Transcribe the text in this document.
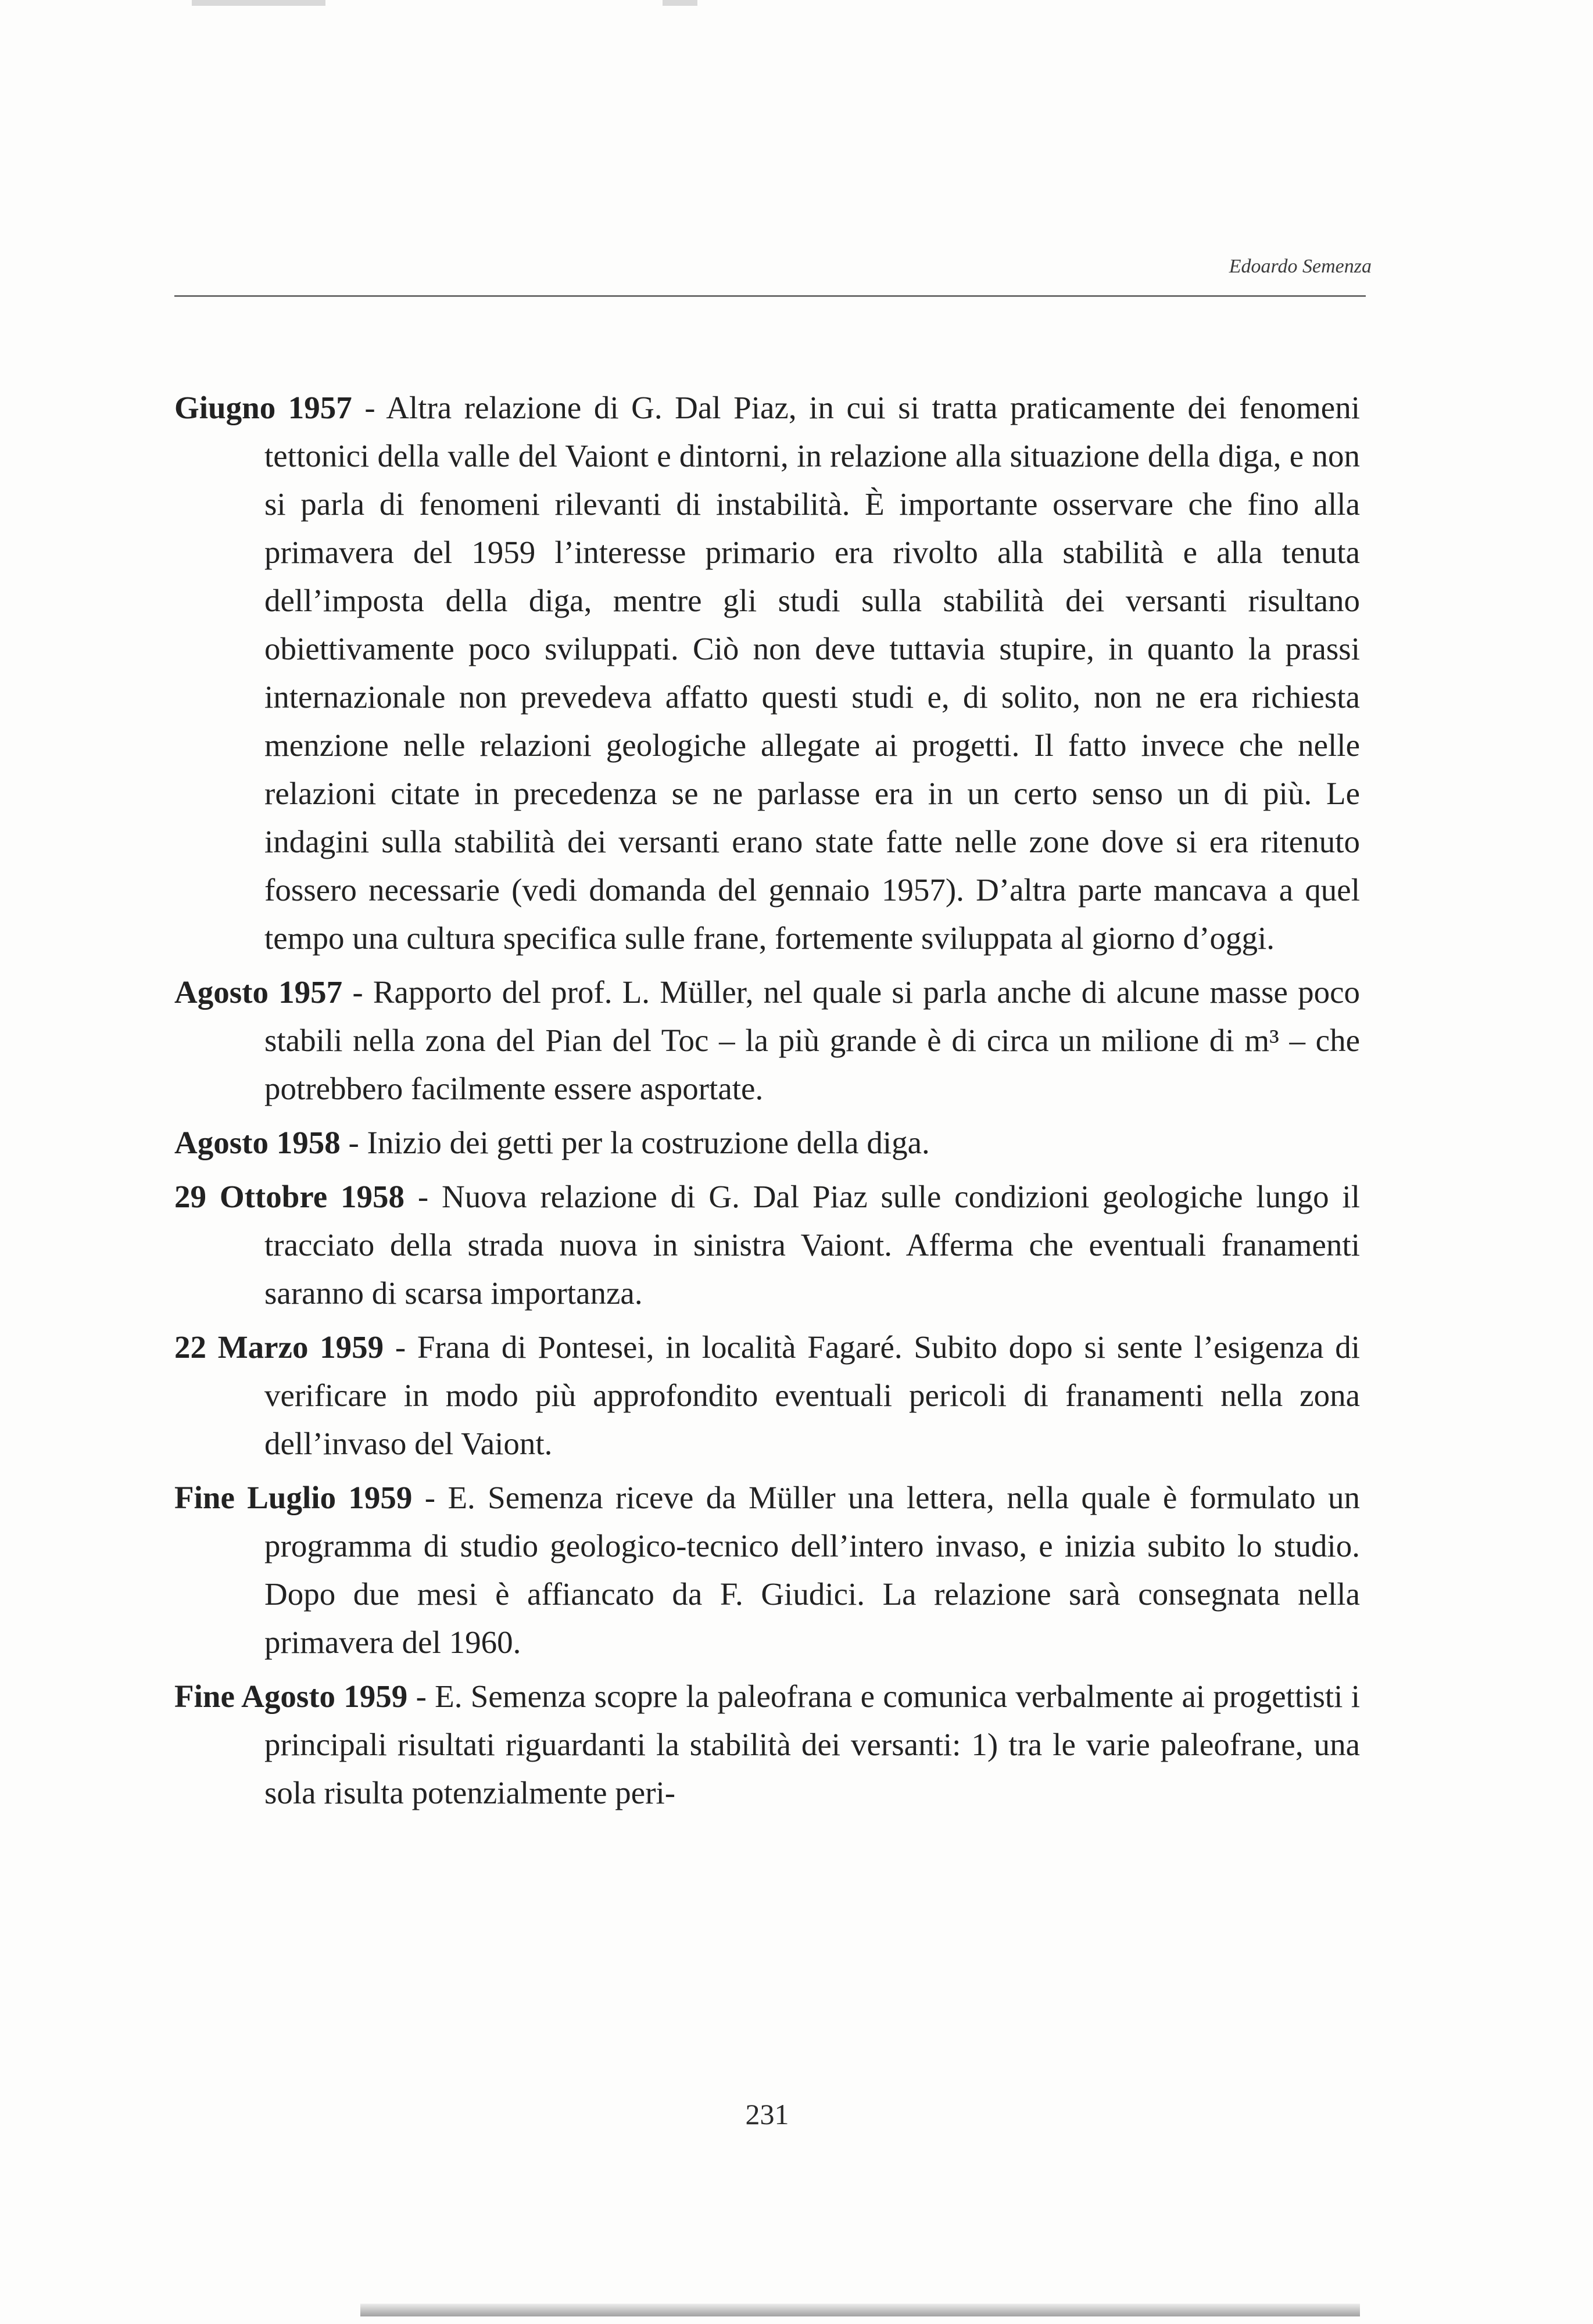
Edoardo Semenza

Giugno 1957 - Altra relazione di G. Dal Piaz, in cui si tratta praticamente dei fenomeni tettonici della valle del Vaiont e dintorni, in relazione alla situazione della diga, e non si parla di fenomeni rilevanti di instabilità. È importante osservare che fino alla primavera del 1959 l’interesse primario era rivolto alla stabilità e alla tenuta dell’imposta della diga, mentre gli studi sulla stabilità dei versanti risultano obiettivamente poco sviluppati. Ciò non deve tuttavia stupire, in quanto la prassi internazionale non prevedeva affatto questi studi e, di solito, non ne era richiesta menzione nelle relazioni geologiche allegate ai progetti. Il fatto invece che nelle relazioni citate in precedenza se ne parlasse era in un certo senso un di più. Le indagini sulla stabilità dei versanti erano state fatte nelle zone dove si era ritenuto fossero necessarie (vedi domanda del gennaio 1957). D’altra parte mancava a quel tempo una cultura specifica sulle frane, fortemente sviluppata al giorno d’oggi.

Agosto 1957 - Rapporto del prof. L. Müller, nel quale si parla anche di alcune masse poco stabili nella zona del Pian del Toc – la più grande è di circa un milione di m³ – che potrebbero facilmente essere asportate.

Agosto 1958 - Inizio dei getti per la costruzione della diga.

29 Ottobre 1958 - Nuova relazione di G. Dal Piaz sulle condizioni geologiche lungo il tracciato della strada nuova in sinistra Vaiont. Afferma che eventuali franamenti saranno di scarsa importanza.

22 Marzo 1959 - Frana di Pontesei, in località Fagaré. Subito dopo si sente l’esigenza di verificare in modo più approfondito eventuali pericoli di franamenti nella zona dell’invaso del Vaiont.

Fine Luglio 1959 - E. Semenza riceve da Müller una lettera, nella quale è formulato un programma di studio geologico-tecnico dell’intero invaso, e inizia subito lo studio. Dopo due mesi è affiancato da F. Giudici. La relazione sarà consegnata nella primavera del 1960.

Fine Agosto 1959 - E. Semenza scopre la paleofrana e comunica verbalmente ai progettisti i principali risultati riguardanti la stabilità dei versanti: 1) tra le varie paleofrane, una sola risulta potenzialmente peri-

231
